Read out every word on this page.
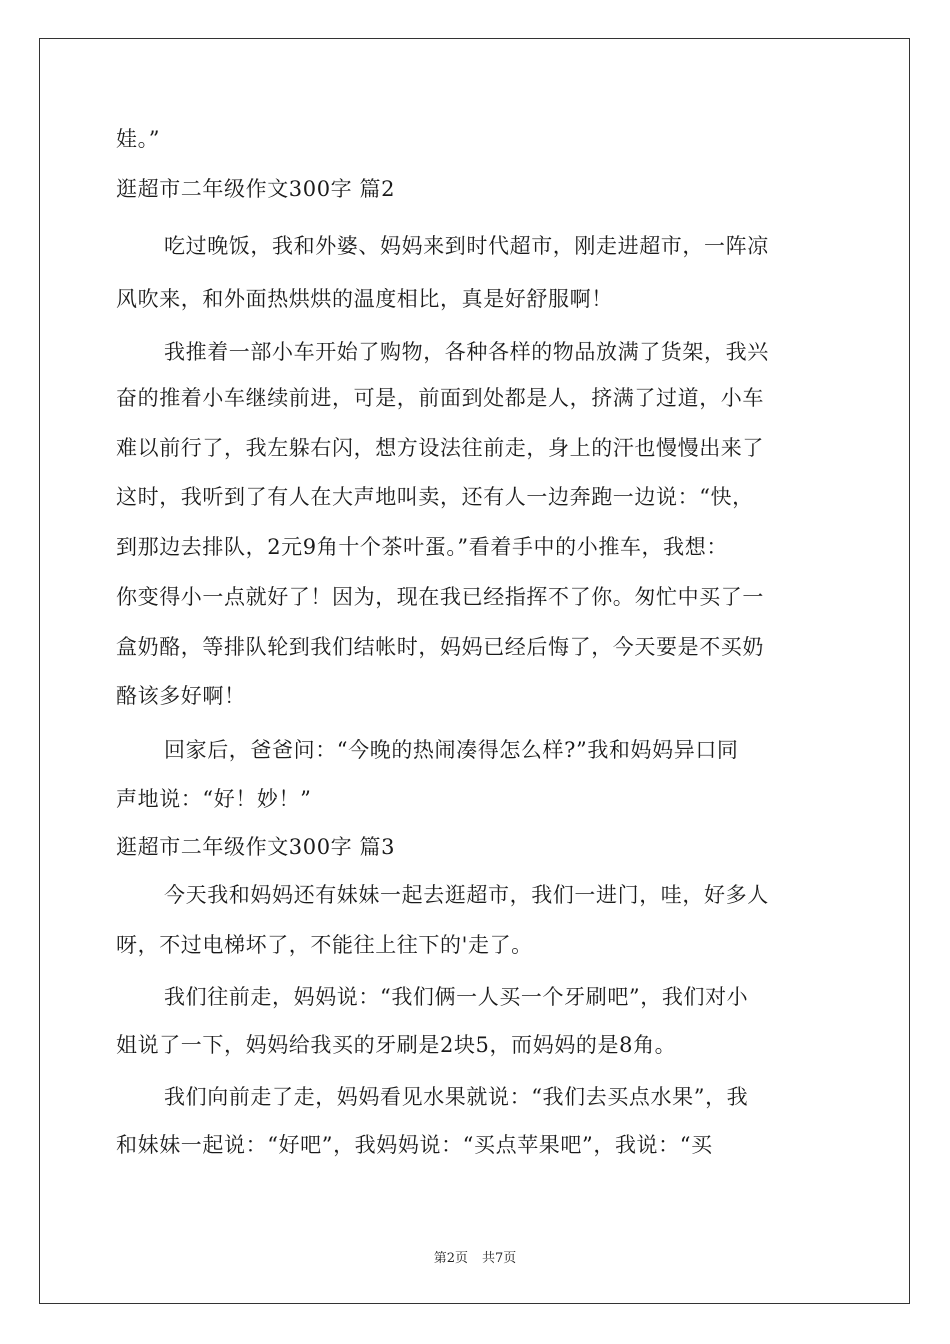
娃。”
逛超市二年级作文300字 篇2
吃过晚饭，我和外婆、妈妈来到时代超市，刚走进超市，一阵凉
风吹来，和外面热烘烘的温度相比，真是好舒服啊！
我推着一部小车开始了购物，各种各样的物品放满了货架，我兴
奋的推着小车继续前进，可是，前面到处都是人，挤满了过道，小车
难以前行了，我左躲右闪，想方设法往前走，身上的汗也慢慢出来了
这时，我听到了有人在大声地叫卖，还有人一边奔跑一边说：“快，
到那边去排队，2元9角十个茶叶蛋。”看着手中的小推车，我想：
你变得小一点就好了！因为，现在我已经指挥不了你。匆忙中买了一
盒奶酪，等排队轮到我们结帐时，妈妈已经后悔了，今天要是不买奶
酪该多好啊！
回家后，爸爸问：“今晚的热闹凑得怎么样?”我和妈妈异口同
声地说：“好！妙！”
逛超市二年级作文300字 篇3
今天我和妈妈还有妹妹一起去逛超市，我们一进门，哇，好多人
呀，不过电梯坏了，不能往上往下的'走了。
我们往前走，妈妈说：“我们俩一人买一个牙刷吧”，我们对小
姐说了一下，妈妈给我买的牙刷是2块5，而妈妈的是8角。
我们向前走了走，妈妈看见水果就说：“我们去买点水果”，我
和妹妹一起说：“好吧”，我妈妈说：“买点苹果吧”，我说：“买
第2页 共7页
